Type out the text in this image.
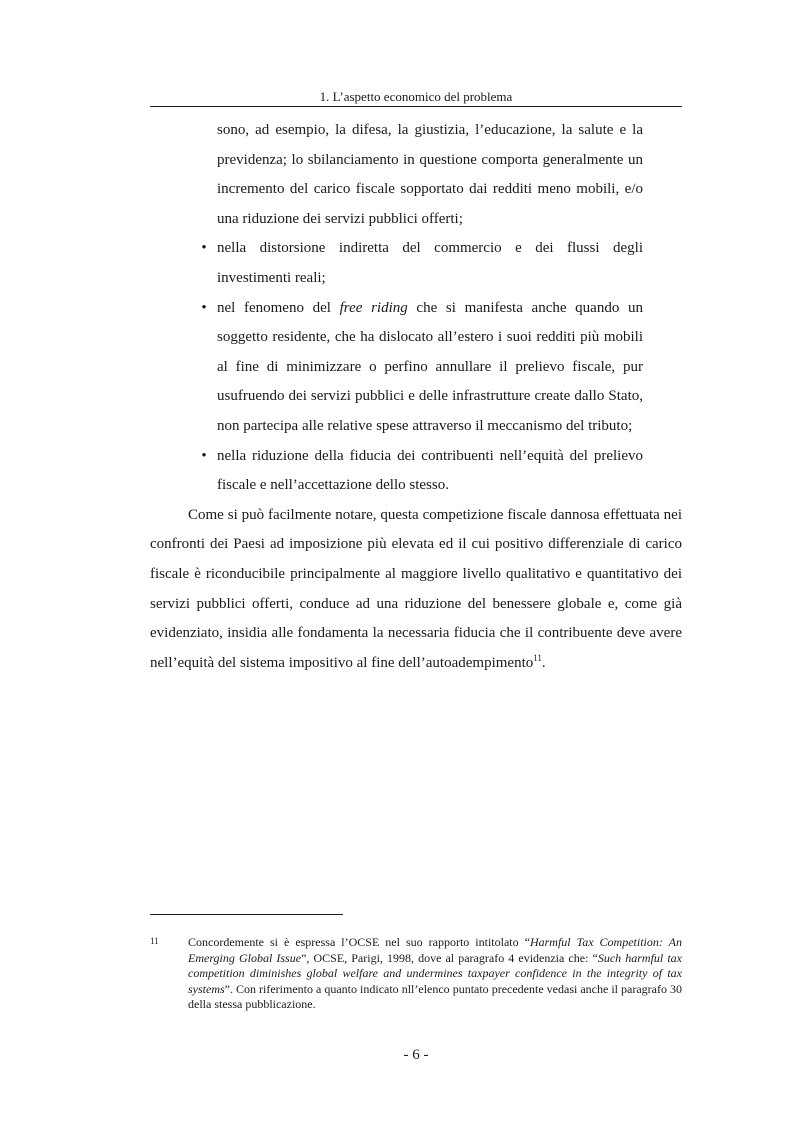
1. L’aspetto economico del problema
sono, ad esempio, la difesa, la giustizia, l’educazione, la salute e la previdenza; lo sbilanciamento in questione comporta generalmente un incremento del carico fiscale sopportato dai redditi meno mobili, e/o una riduzione dei servizi pubblici offerti;
• nella distorsione indiretta del commercio e dei flussi degli investimenti reali;
• nel fenomeno del free riding che si manifesta anche quando un soggetto residente, che ha dislocato all’estero i suoi redditi più mobili al fine di minimizzare o perfino annullare il prelievo fiscale, pur usufruendo dei servizi pubblici e delle infrastrutture create dallo Stato, non partecipa alle relative spese attraverso il meccanismo del tributo;
• nella riduzione della fiducia dei contribuenti nell’equità del prelievo fiscale e nell’accettazione dello stesso.

Come si può facilmente notare, questa competizione fiscale dannosa effettuata nei confronti dei Paesi ad imposizione più elevata ed il cui positivo differenziale di carico fiscale è riconducibile principalmente al maggiore livello qualitativo e quantitativo dei servizi pubblici offerti, conduce ad una riduzione del benessere globale e, come già evidenziato, insidia alle fondamenta la necessaria fiducia che il contribuente deve avere nell’equità del sistema impositivo al fine dell’autoadempimento$^{11}$.

11 Concordemente si è espressa l’OCSE nel suo rapporto intitolato “Harmful Tax Competition: An Emerging Global Issue”, OCSE, Parigi, 1998, dove al paragrafo 4 evidenzia che: “Such harmful tax competition diminishes global welfare and undermines taxpayer confidence in the integrity of tax systems”. Con riferimento a quanto indicato nll’elenco puntato precedente vedasi anche il paragrafo 30 della stessa pubblicazione.
- 6 -
